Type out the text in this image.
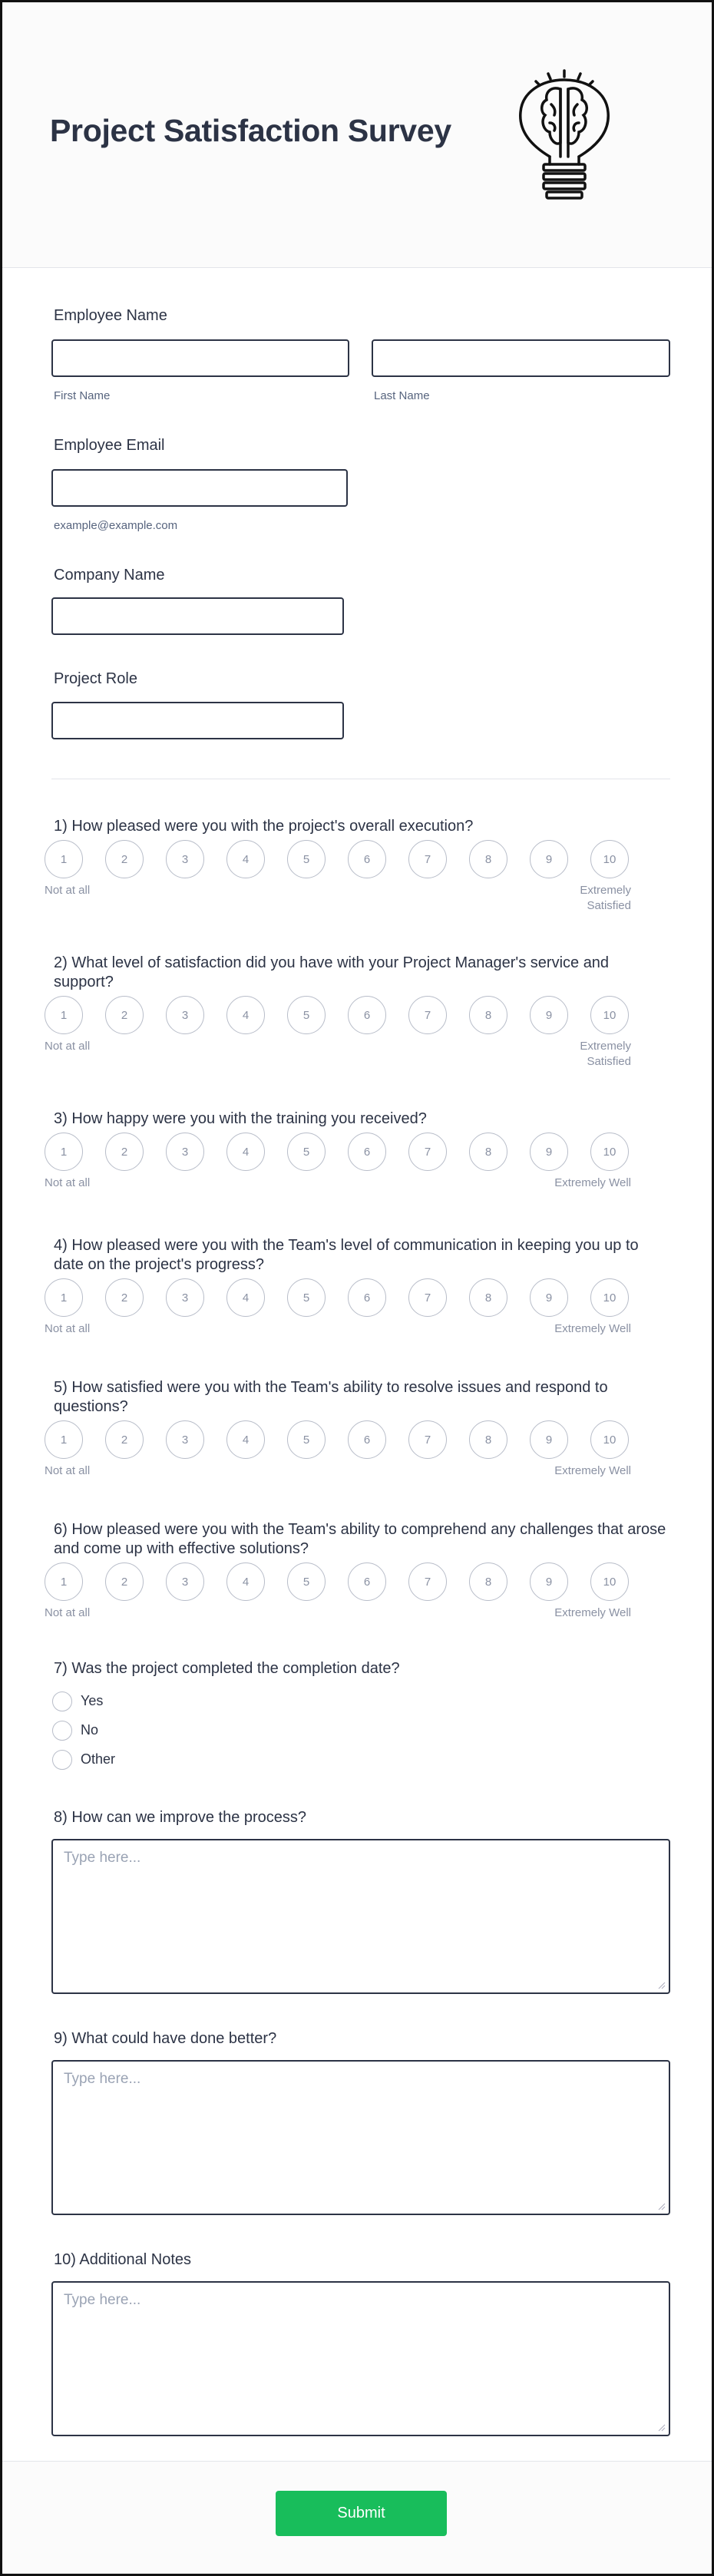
Project Satisfaction Survey
Employee Name
First Name	Last Name
Employee Email
example@example.com
Company Name
Project Role
1) How pleased were you with the project's overall execution?
1	2	3	4	5	6	7	8	9	10
Not at all	Extremely
Satisfied
2) What level of satisfaction did you have with your Project Manager's service and support?
1	2	3	4	5	6	7	8	9	10
Not at all	Extremely
Satisfied
3) How happy were you with the training you received?
1	2	3	4	5	6	7	8	9	10
Not at all	Extremely Well
4) How pleased were you with the Team's level of communication in keeping you up to date on the project's progress?
1	2	3	4	5	6	7	8	9	10
Not at all	Extremely Well
5) How satisfied were you with the Team's ability to resolve issues and respond to questions?
1	2	3	4	5	6	7	8	9	10
Not at all	Extremely Well
6) How pleased were you with the Team's ability to comprehend any challenges that arose and come up with effective solutions?
1	2	3	4	5	6	7	8	9	10
Not at all	Extremely Well
7) Was the project completed the completion date?
Yes
No
Other
8) How can we improve the process?
Type here...
9) What could have done better?
Type here...
10) Additional Notes
Type here...
Submit
